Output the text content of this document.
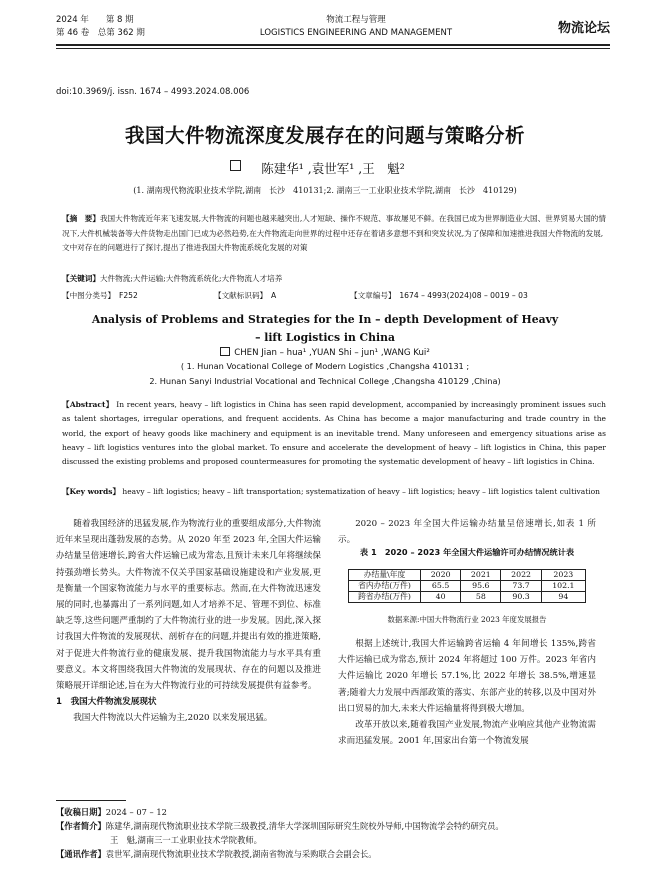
2024 年　　第 8 期
第 46 卷　总第 362 期
物流工程与管理
LOGISTICS ENGINEERING AND MANAGEMENT	物流论坛
doi:10.3969/j. issn. 1674 – 4993.2024.08.006
我国大件物流深度发展存在的问题与策略分析
陈建华¹ ,袁世军¹ ,王　魁²
(1. 湖南现代物流职业技术学院,湖南　长沙　410131;2. 湖南三一工业职业技术学院,湖南　长沙　410129)
【摘　要】我国大件物流近年来飞速发展,大件物流的问题也越来越突出,人才短缺、操作不规范、事故屡见不鲜。在我国已成为世界制造业大国、世界贸易大国的情况下,大件机械装备等大件货物走出国门已成为必然趋势,在大件物流走向世界的过程中还存在着诸多意想不到和突发状况,为了保障和加速推进我国大件物流的发展,文中对存在的问题进行了探讨,提出了推进我国大件物流系统化发展的对策
【关键词】大件物流;大件运输;大件物流系统化;大件物流人才培养
【中图分类号】　F252	【文献标识码】　A	【文章编号】　1674 – 4993(2024)08 – 0019 – 03
Analysis of Problems and Strategies for the In – depth Development of Heavy – lift Logistics in China
CHEN Jian – hua¹ ,YUAN Shi – jun¹ ,WANG Kui²
( 1. Hunan Vocational College of Modern Logistics ,Changsha 410131 ;
2. Hunan Sanyi Industrial Vocational and Technical College ,Changsha 410129 ,China)
【Abstract】 In recent years, heavy – lift logistics in China has seen rapid development, accompanied by increasingly prominent issues such as talent shortages, irregular operations, and frequent accidents. As China has become a major manufacturing and trade country in the world, the export of heavy goods like machinery and equipment is an inevitable trend. Many unforeseen and emergency situations arise as heavy – lift logistics ventures into the global market. To ensure and accelerate the development of heavy – lift logistics in China, this paper discussed the existing problems and proposed countermeasures for promoting the systematic development of heavy – lift logistics in China.
【Key words】 heavy – lift logistics; heavy – lift transportation; systematization of heavy – lift logistics; heavy – lift logistics talent cultivation

随着我国经济的迅猛发展,作为物流行业的重要组成部分,大件物流近年来呈现出蓬勃发展的态势。从 2020 年至 2023 年,全国大件运输办结量呈倍速增长,跨省大件运输已成为常态,且预计未来几年将继续保持强劲增长势头。大件物流不仅关乎国家基础设施建设和产业发展,更是衡量一个国家物流能力与水平的重要标志。然而,在大件物流迅速发展的同时,也暴露出了一系列问题,如人才培养不足、管理不到位、标准缺乏等,这些问题严重制约了大件物流行业的进一步发展。因此,深入探讨我国大件物流的发展现状、剖析存在的问题,并提出有效的推进策略,对于促进大件物流行业的健康发展、提升我国物流能力与水平具有重要意义。本文将围绕我国大件物流的发展现状、存在的问题以及推进策略展开详细论述,旨在为大件物流行业的可持续发展提供有益参考。

1　我国大件物流发展现状

我国大件物流以大件运输为主,2020 以来发展迅猛。

2020 – 2023 年全国大件运输办结量呈倍速增长,如表 1 所示。
表 1　2020 – 2023 年全国大件运输许可办结情况统计表
办结量\年度	2020	2021	2022	2023
省内办结(万件)	65.5	95.6	73.7	102.1
跨省办结(万件)	40	58	90.3	94
数据来源:中国大件物流行业 2023 年度发展报告

根据上述统计,我国大件运输跨省运输 4 年间增长 135%,跨省大件运输已成为常态,预计 2024 年将超过 100 万件。2023 年省内大件运输比 2020 年增长 57.1%,比 2022 年增长 38.5%,增速显著;随着大力发展中西部政策的落实、东部产业的转移,以及中国对外出口贸易的加大,未来大件运输量将得到极大增加。

改革开放以来,随着我国产业发展,物流产业响应其他产业物流需求而迅猛发展。2001 年,国家出台第一个物流发展

【收稿日期】2024 – 07 – 12
【作者简介】陈建华,湖南现代物流职业技术学院三级教授,清华大学深圳国际研究生院校外导师,中国物流学会特约研究员。
王　魁,湖南三一工业职业技术学院教师。
【通讯作者】袁世军,湖南现代物流职业技术学院教授,湖南省物流与采购联合会副会长。
